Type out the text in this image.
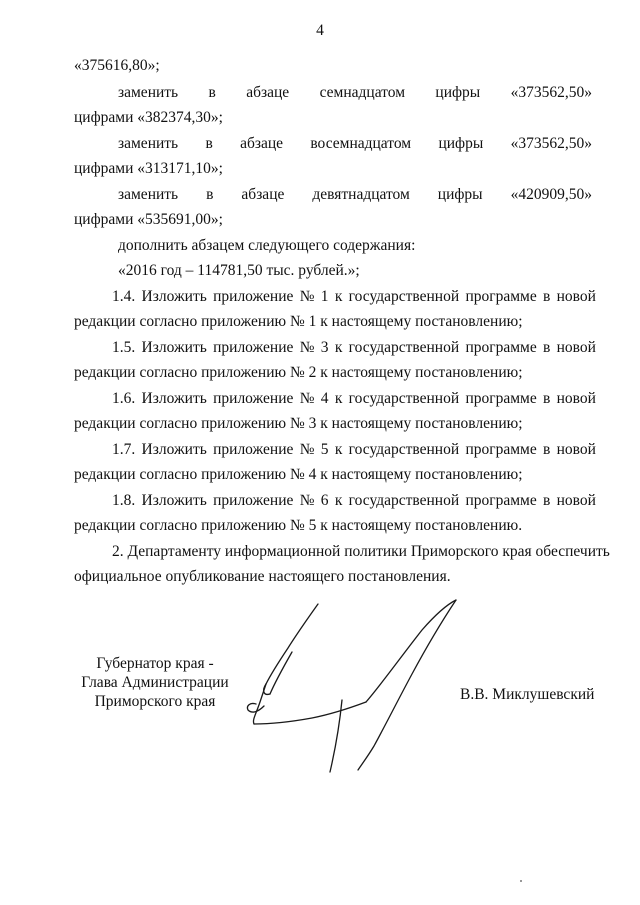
4
«375616,80»;
заменить в абзаце семнадцатом цифры «373562,50»
цифрами «382374,30»;
заменить в абзаце восемнадцатом цифры «373562,50»
цифрами «313171,10»;
заменить в абзаце девятнадцатом цифры «420909,50»
цифрами «535691,00»;
дополнить абзацем следующего содержания:
«2016 год – 114781,50 тыс. рублей.»;
1.4. Изложить приложение № 1 к государственной программе в новой
редакции согласно приложению № 1 к настоящему постановлению;
1.5. Изложить приложение № 3 к государственной программе в новой
редакции согласно приложению № 2 к настоящему постановлению;
1.6. Изложить приложение № 4 к государственной программе в новой
редакции согласно приложению № 3 к настоящему постановлению;
1.7. Изложить приложение № 5 к государственной программе в новой
редакции согласно приложению № 4 к настоящему постановлению;
1.8. Изложить приложение № 6 к государственной программе в новой
редакции согласно приложению № 5 к настоящему постановлению.
2. Департаменту информационной политики Приморского края обеспечить
официальное опубликование настоящего постановления.
Губернатор края -
Глава Администрации
Приморского края	В.В. Миклушевский
